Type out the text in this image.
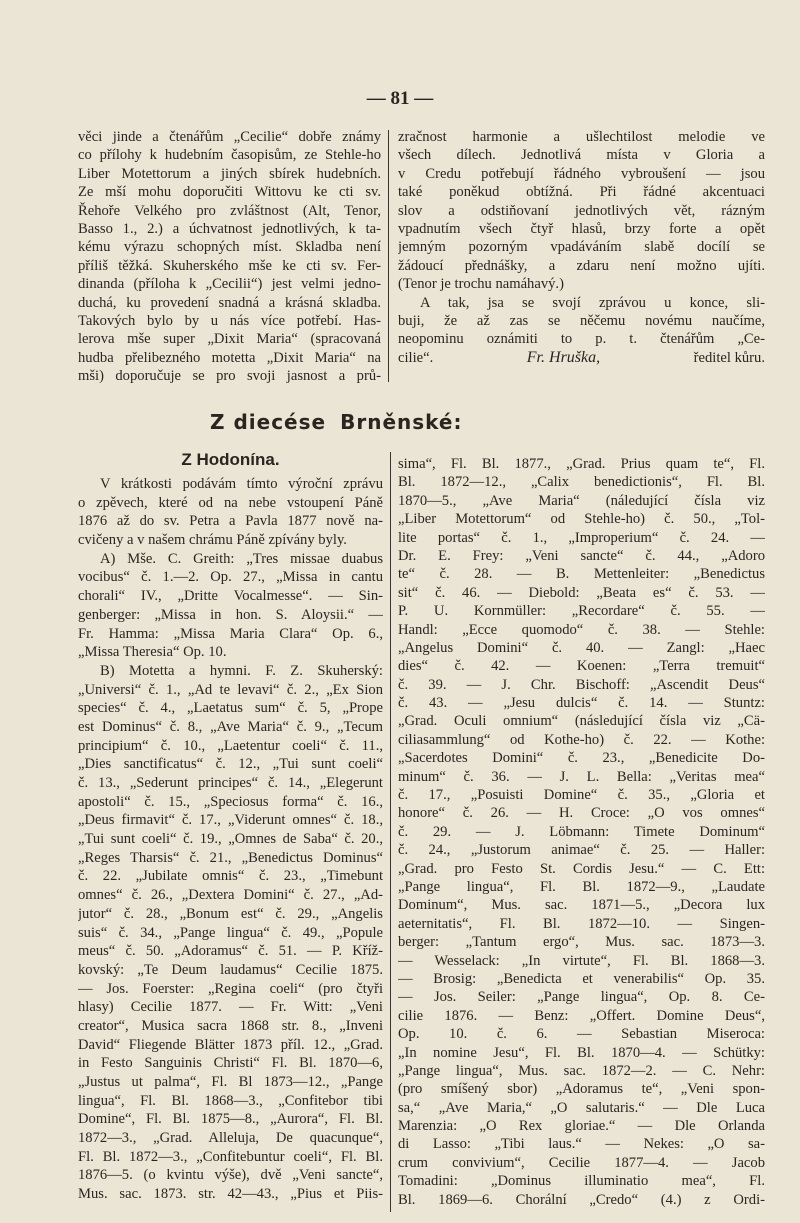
— 81 —
věci jinde a čtenářům „Cecilie“ dobře známy
co přílohy k hudebním časopisům, ze Stehle-ho
Liber Motettorum a jiných sbírek hudebních.
Ze mší mohu doporučiti Wittovu ke cti sv.
Řehoře Velkého pro zvláštnost (Alt, Tenor,
Basso 1., 2.) a úchvatnost jednotlivých, k ta-
kému výrazu schopných míst. Skladba není
příliš těžká. Skuherského mše ke cti sv. Fer-
dinanda (příloha k „Cecilii“) jest velmi jedno-
duchá, ku provedení snadná a krásná skladba.
Takových bylo by u nás více potřebí. Has-
lerova mše super „Dixit Maria“ (spracovaná
hudba přelibezného motetta „Dixit Maria“ na
mši) doporučuje se pro svoji jasnost a prů-
zračnost harmonie a ušlechtilost melodie ve
všech dílech. Jednotlivá místa v Gloria a
v Credu potřebují řádného vybroušení — jsou
také poněkud obtížná. Při řádné akcentuaci
slov a odstiňovaní jednotlivých vět, rázným
vpadnutím všech čtyř hlasů, brzy forte a opět
jemným pozorným vpadáváním slabě docílí se
žádoucí přednášky, a zdaru není možno ujíti.
(Tenor je trochu namáhavý.)
A tak, jsa se svojí zprávou u konce, sli-
buji, že až zas se něčemu novému naučíme,
neopominu oznámiti to p. t. čtenářům „Ce-
cilie“.	Fr. Hruška,	ředitel kůru.
Z diecése Brněnské:
Z Hodonína.
V krátkosti podávám tímto výroční zprávu
o zpěvech, které od na nebe vstoupení Páně
1876 až do sv. Petra a Pavla 1877 nově na-
cvičeny a v našem chrámu Páně zpívány byly.
A) Mše. C. Greith: „Tres missae duabus
vocibus“ č. 1.—2. Op. 27., „Missa in cantu
chorali“ IV., „Dritte Vocalmesse“. — Sin-
genberger: „Missa in hon. S. Aloysii.“ —
Fr. Hamma: „Missa Maria Clara“ Op. 6.,
„Missa Theresia“ Op. 10.
B) Motetta a hymni. F. Z. Skuherský:
„Universi“ č. 1., „Ad te levavi“ č. 2., „Ex Sion
species“ č. 4., „Laetatus sum“ č. 5, „Prope
est Dominus“ č. 8., „Ave Maria“ č. 9., „Tecum
principium“ č. 10., „Laetentur coeli“ č. 11.,
„Dies sanctificatus“ č. 12., „Tui sunt coeli“
č. 13., „Sederunt principes“ č. 14., „Elegerunt
apostoli“ č. 15., „Speciosus forma“ č. 16.,
„Deus firmavit“ č. 17., „Viderunt omnes“ č. 18.,
„Tui sunt coeli“ č. 19., „Omnes de Saba“ č. 20.,
„Reges Tharsis“ č. 21., „Benedictus Dominus“
č. 22. „Jubilate omnis“ č. 23., „Timebunt
omnes“ č. 26., „Dextera Domini“ č. 27., „Ad-
jutor“ č. 28., „Bonum est“ č. 29., „Angelis
suis“ č. 34., „Pange lingua“ č. 49., „Popule
meus“ č. 50. „Adoramus“ č. 51. — P. Kříž-
kovský: „Te Deum laudamus“ Cecilie 1875.
— Jos. Foerster: „Regina coeli“ (pro čtyři
hlasy) Cecilie 1877. — Fr. Witt: „Veni
creator“, Musica sacra 1868 str. 8., „Inveni
David“ Fliegende Blätter 1873 příl. 12., „Grad.
in Festo Sanguinis Christi“ Fl. Bl. 1870—6,
„Justus ut palma“, Fl. Bl 1873—12., „Pange
lingua“, Fl. Bl. 1868—3., „Confitebor tibi
Domine“, Fl. Bl. 1875—8., „Aurora“, Fl. Bl.
1872—3., „Grad. Alleluja, De quacunque“,
Fl. Bl. 1872—3., „Confitebuntur coeli“, Fl. Bl.
1876—5. (o kvintu výše), dvě „Veni sancte“,
Mus. sac. 1873. str. 42—43., „Pius et Piis-
sima“, Fl. Bl. 1877., „Grad. Prius quam te“, Fl.
Bl. 1872—12., „Calix benedictionis“, Fl. Bl.
1870—5., „Ave Maria“ (náledující čísla viz
„Liber Motettorum“ od Stehle-ho) č. 50., „Tol-
lite portas“ č. 1., „Improperium“ č. 24. —
Dr. E. Frey: „Veni sancte“ č. 44., „Adoro
te“ č. 28. — B. Mettenleiter: „Benedictus
sit“ č. 46. — Diebold: „Beata es“ č. 53. —
P. U. Kornmüller: „Recordare“ č. 55. —
Handl: „Ecce quomodo“ č. 38. — Stehle:
„Angelus Domini“ č. 40. — Zangl: „Haec
dies“ č. 42. — Koenen: „Terra tremuit“
č. 39. — J. Chr. Bischoff: „Ascendit Deus“
č. 43. — „Jesu dulcis“ č. 14. — Stuntz:
„Grad. Oculi omnium“ (následující čísla viz „Cä-
ciliasammlung“ od Kothe-ho) č. 22. — Kothe:
„Sacerdotes Domini“ č. 23., „Benedicite Do-
minum“ č. 36. — J. L. Bella: „Veritas mea“
č. 17., „Posuisti Domine“ č. 35., „Gloria et
honore“ č. 26. — H. Croce: „O vos omnes“
č. 29. — J. Löbmann: Timete Dominum“
č. 24., „Justorum animae“ č. 25. — Haller:
„Grad. pro Festo St. Cordis Jesu.“ — C. Ett:
„Pange lingua“, Fl. Bl. 1872—9., „Laudate
Dominum“, Mus. sac. 1871—5., „Decora lux
aeternitatis“, Fl. Bl. 1872—10. — Singen-
berger: „Tantum ergo“, Mus. sac. 1873—3.
— Wesselack: „In virtute“, Fl. Bl. 1868—3.
— Brosig: „Benedicta et venerabilis“ Op. 35.
— Jos. Seiler: „Pange lingua“, Op. 8. Ce-
cilie 1876. — Benz: „Offert. Domine Deus“,
Op. 10. č. 6. — Sebastian Miseroca:
„In nomine Jesu“, Fl. Bl. 1870—4. — Schütky:
„Pange lingua“, Mus. sac. 1872—2. — C. Nehr:
(pro smíšený sbor) „Adoramus te“, „Veni spon-
sa,“ „Ave Maria,“ „O salutaris.“ — Dle Luca
Marenzia: „O Rex gloriae.“ — Dle Orlanda
di Lasso: „Tibi laus.“ — Nekes: „O sa-
crum convivium“, Cecilie 1877—4. — Jacob
Tomadini: „Dominus illuminatio mea“, Fl.
Bl. 1869—6. Chorální „Credo“ (4.) z Ordi-
